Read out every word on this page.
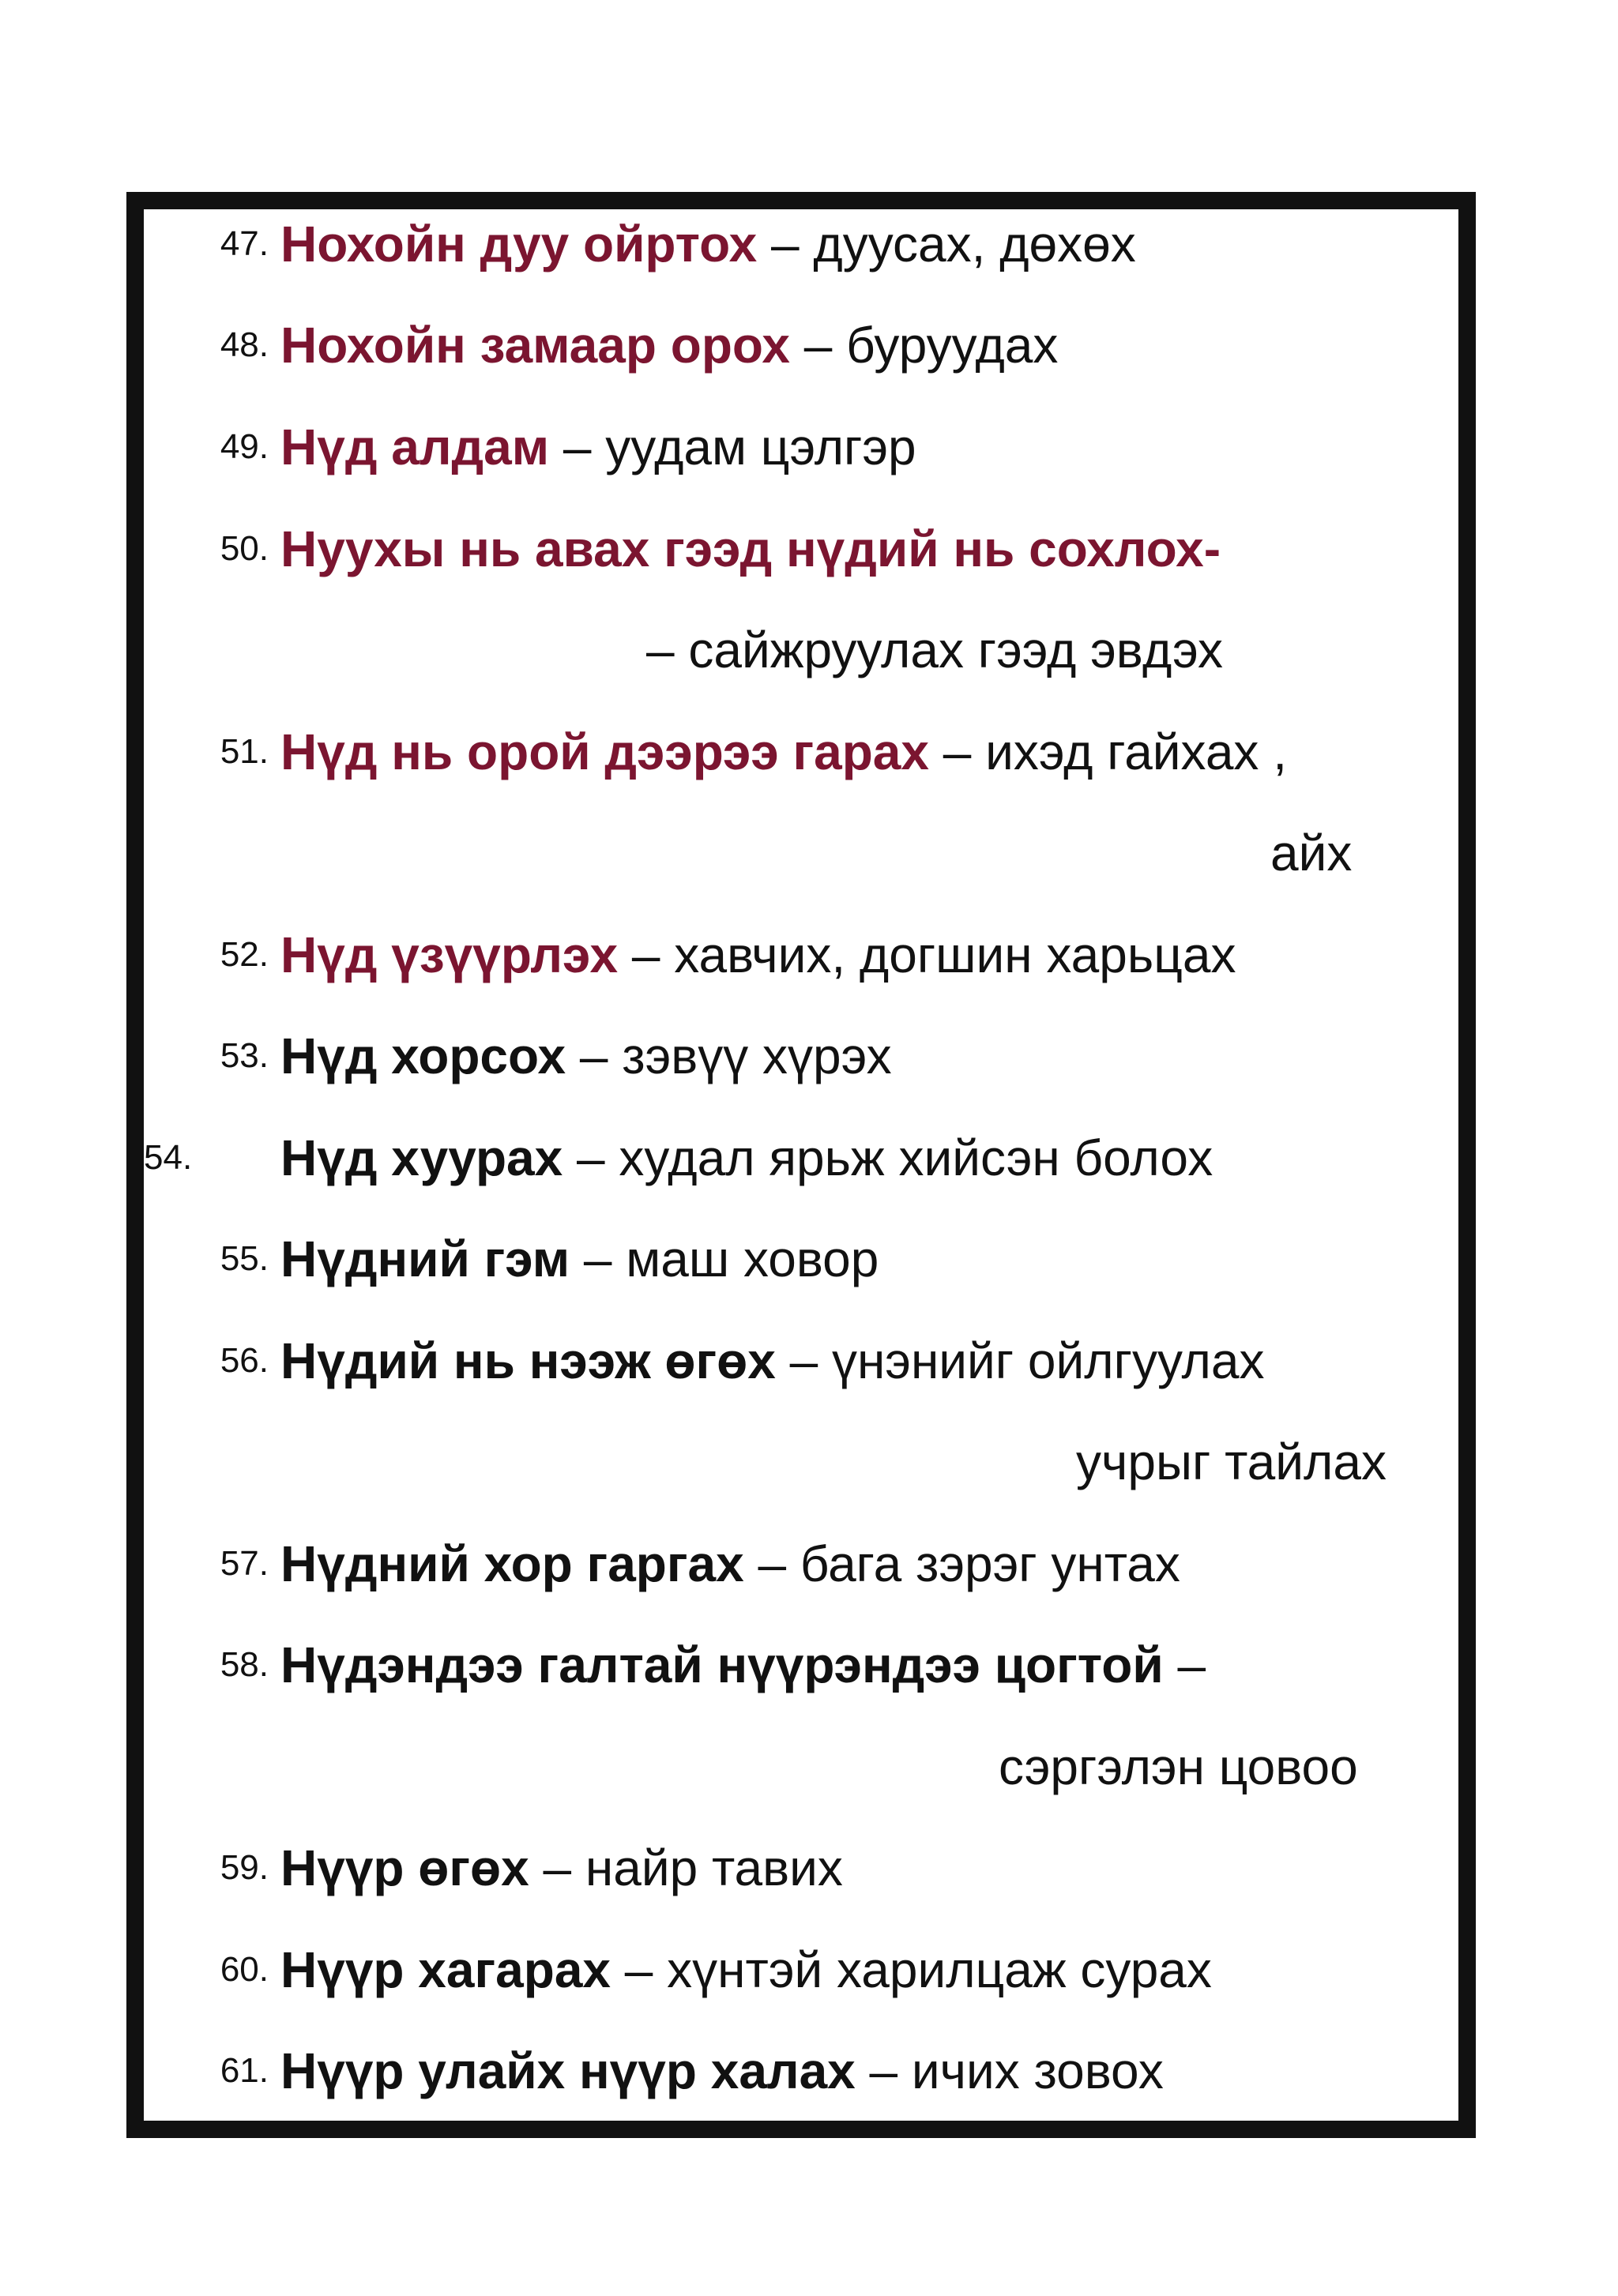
47. Нохойн дуу ойртох – дуусах, дөхөх
48. Нохойн замаар орох – буруудах
49. Нүд алдам – уудам цэлгэр
50. Нуухы нь авах гээд нүдий нь сохлох-
– сайжруулах гээд эвдэх
51. Нүд нь орой дээрээ гарах – ихэд гайхах ,
айх
52. Нүд үзүүрлэх – хавчих, догшин харьцах
53. Нүд хорсох – зэвүү хүрэх
54. Нүд хуурах – худал ярьж хийсэн болох
55. Нүдний гэм – маш ховор
56. Нүдий нь нээж өгөх – үнэнийг ойлгуулах
учрыг тайлах
57. Нүдний хор гаргах – бага зэрэг унтах
58. Нүдэндээ галтай нүүрэндээ цогтой –
сэргэлэн цовоо
59. Нүүр өгөх – найр тавих
60. Нүүр хагарах – хүнтэй харилцаж сурах
61. Нүүр улайх нүүр халах – ичих зовох
